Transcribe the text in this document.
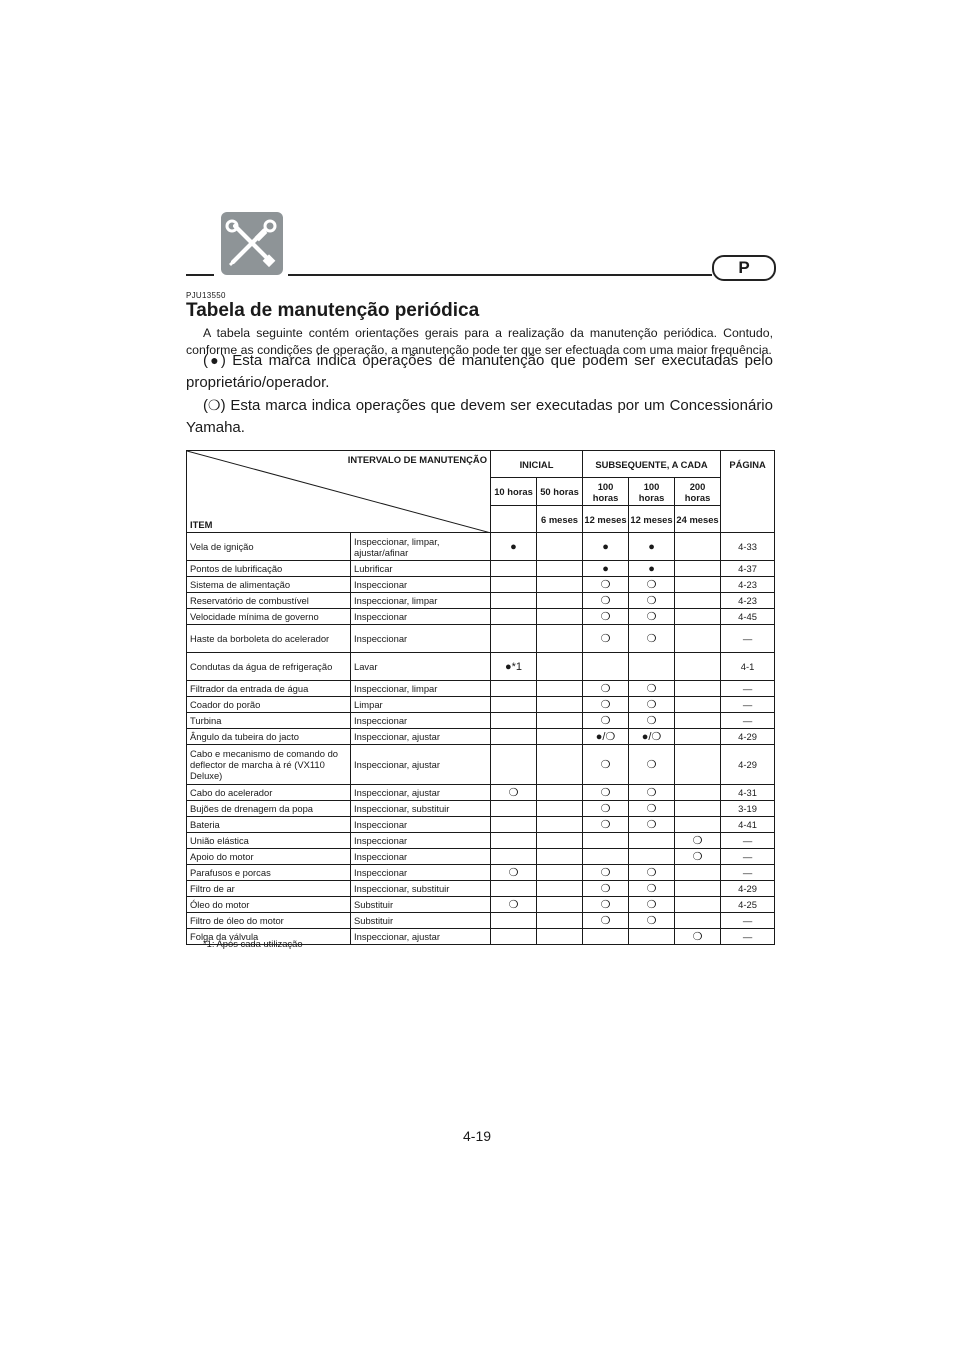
P
PJU13550
Tabela de manutenção periódica

A tabela seguinte contém orientações gerais para a realização da manutenção periódica. Contudo, conforme as condições de operação, a manutenção pode ter que ser efectuada com uma maior frequência.

(●) Esta marca indica operações de manutenção que podem ser executadas pelo proprietário/operador.

(❍) Esta marca indica operações que devem ser executadas por um Concessionário Yamaha.

INTERVALO DE MANUTENÇÃO
ITEM		INICIAL		SUBSEQUENTE, A CADA			PÁGINA
		10 horas	50 horas	100 horas	100 horas	200 horas	
			6 meses	12 meses	12 meses	24 meses	
Vela de ignição	Inspeccionar, limpar, ajustar/afinar	●		●	●		4-33
Pontos de lubrificação	Lubrificar			●	●		4-37
Sistema de alimentação	Inspeccionar			❍	❍		4-23
Reservatório de combustível	Inspeccionar, limpar			❍	❍		4-23
Velocidade mínima de governo	Inspeccionar			❍	❍		4-45
Haste da borboleta do acelerador	Inspeccionar			❍	❍		—
Condutas da água de refrigeração	Lavar	●*1					4-1
Filtrador da entrada de água	Inspeccionar, limpar			❍	❍		—
Coador do porão	Limpar			❍	❍		—
Turbina	Inspeccionar			❍	❍		—
Ângulo da tubeira do jacto	Inspeccionar, ajustar			●/❍	●/❍		4-29
Cabo e mecanismo de comando do deflector de marcha à ré (VX110 Deluxe)	Inspeccionar, ajustar			❍	❍		4-29
Cabo do acelerador	Inspeccionar, ajustar	❍		❍	❍		4-31
Bujões de drenagem da popa	Inspeccionar, substituir			❍	❍		3-19
Bateria	Inspeccionar			❍	❍		4-41
União elástica	Inspeccionar					❍	—
Apoio do motor	Inspeccionar					❍	—
Parafusos e porcas	Inspeccionar	❍		❍	❍		—
Filtro de ar	Inspeccionar, substituir			❍	❍		4-29
Óleo do motor	Substituir	❍		❍	❍		4-25
Filtro de óleo do motor	Substituir			❍	❍		—
Folga da válvula	Inspeccionar, ajustar					❍	—
*1: Após cada utilização
4-19
